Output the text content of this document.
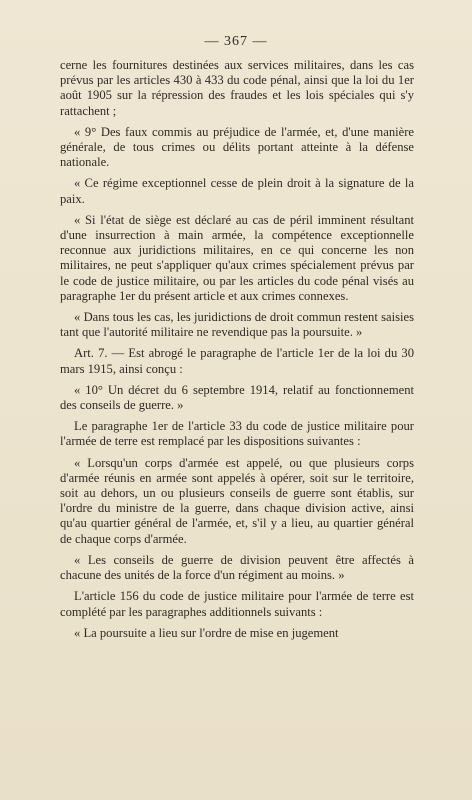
— 367 —

cerne les fournitures destinées aux services militaires, dans les cas prévus par les articles 430 à 433 du code pénal, ainsi que la loi du 1er août 1905 sur la répression des fraudes et les lois spéciales qui s'y rattachent ;

« 9° Des faux commis au préjudice de l'armée, et, d'une manière générale, de tous crimes ou délits portant atteinte à la défense nationale.

« Ce régime exceptionnel cesse de plein droit à la signature de la paix.

« Si l'état de siège est déclaré au cas de péril imminent résultant d'une insurrection à main armée, la compétence exceptionnelle reconnue aux juridictions militaires, en ce qui concerne les non militaires, ne peut s'appliquer qu'aux crimes spécialement prévus par le code de justice militaire, ou par les articles du code pénal visés au paragraphe 1er du présent article et aux crimes connexes.

« Dans tous les cas, les juridictions de droit commun restent saisies tant que l'autorité militaire ne revendique pas la poursuite. »

Art. 7. — Est abrogé le paragraphe de l'article 1er de la loi du 30 mars 1915, ainsi conçu :

« 10° Un décret du 6 septembre 1914, relatif au fonctionnement des conseils de guerre. »

Le paragraphe 1er de l'article 33 du code de justice militaire pour l'armée de terre est remplacé par les dispositions suivantes :

« Lorsqu'un corps d'armée est appelé, ou que plusieurs corps d'armée réunis en armée sont appelés à opérer, soit sur le territoire, soit au dehors, un ou plusieurs conseils de guerre sont établis, sur l'ordre du ministre de la guerre, dans chaque division active, ainsi qu'au quartier général de l'armée, et, s'il y a lieu, au quartier général de chaque corps d'armée.

« Les conseils de guerre de division peuvent être affectés à chacune des unités de la force d'un régiment au moins. »

L'article 156 du code de justice militaire pour l'armée de terre est complété par les paragraphes additionnels suivants :

« La poursuite a lieu sur l'ordre de mise en jugement
